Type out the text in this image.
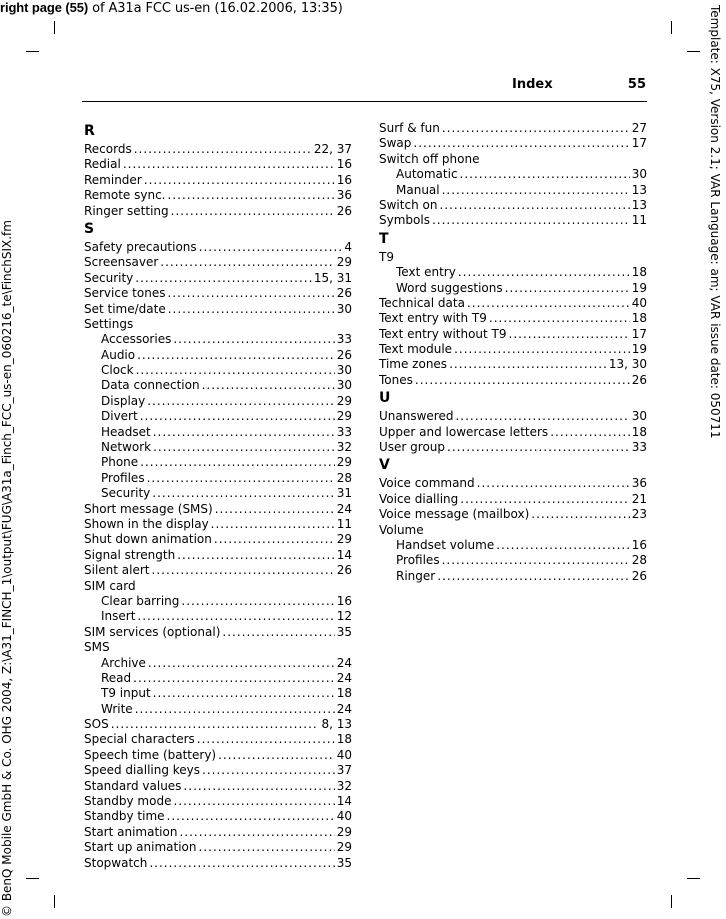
right page (55) of A31a FCC us-en (16.02.2006, 13:35)
© BenQ Mobile GmbH & Co. OHG 2004, Z:\A31_FINCH_1\output\FUG\A31a_Finch_FCC_us-en_060216_te\FinchSIX.fm	Template: X75, Version 2.1; VAR Language: am; VAR issue date: 050711
Index	55
R
Records .....	22, 37
Redial .....	16
Reminder .....	16
Remote sync. .....	36
Ringer setting .....	26
S
Safety precautions .....	4
Screensaver .....	29
Security .....	15, 31
Service tones .....	26
Set time/date .....	30
Settings
Accessories .....	33
Audio .....	26
Clock .....	30
Data connection .....	30
Display .....	29
Divert .....	29
Headset .....	33
Network .....	32
Phone .....	29
Profiles .....	28
Security .....	31
Short message (SMS) .....	24
Shown in the display .....	11
Shut down animation .....	29
Signal strength .....	14
Silent alert .....	26
SIM card
Clear barring .....	16
Insert .....	12
SIM services (optional) .....	35
SMS
Archive .....	24
Read .....	24
T9 input .....	18
Write .....	24
SOS .....	8, 13
Special characters .....	18
Speech time (battery) .....	40
Speed dialling keys .....	37
Standard values .....	32
Standby mode .....	14
Standby time .....	40
Start animation .....	29
Start up animation .....	29
Stopwatch .....	35
Surf & fun .....	27
Swap .....	17
Switch off phone
Automatic .....	30
Manual .....	13
Switch on .....	13
Symbols .....	11
T
T9
Text entry .....	18
Word suggestions .....	19
Technical data .....	40
Text entry with T9 .....	18
Text entry without T9 .....	17
Text module .....	19
Time zones .....	13, 30
Tones .....	26
U
Unanswered .....	30
Upper and lowercase letters .....	18
User group .....	33
V
Voice command .....	36
Voice dialling .....	21
Voice message (mailbox) .....	23
Volume
Handset volume .....	16
Profiles .....	28
Ringer .....	26
